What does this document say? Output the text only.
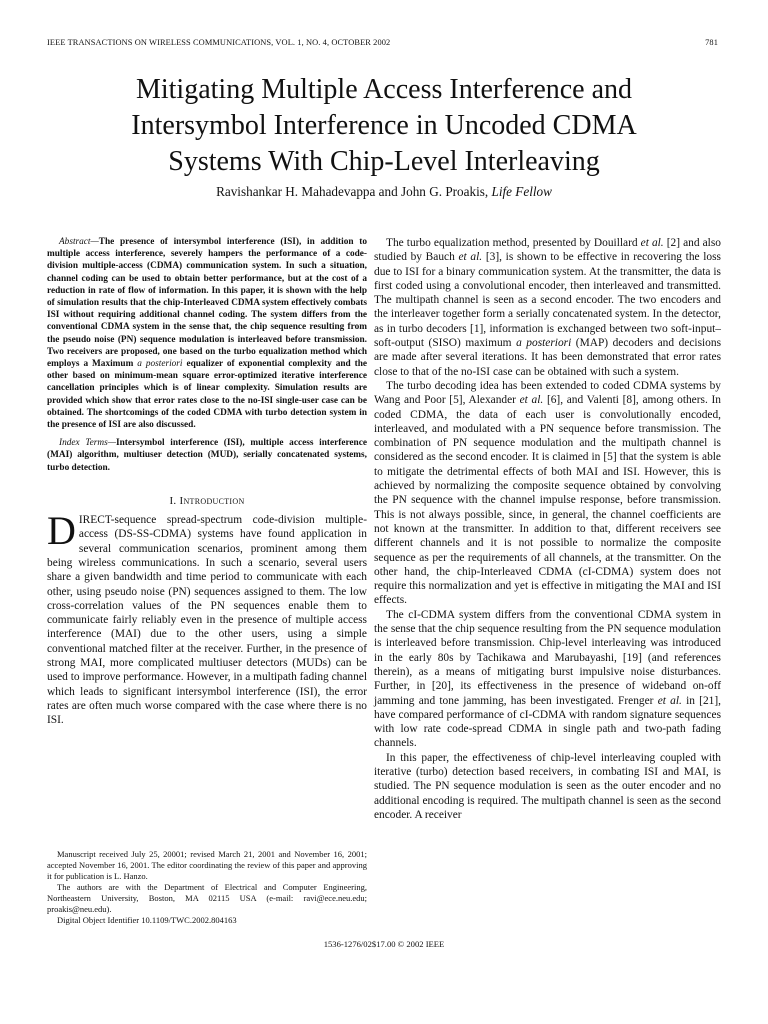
IEEE TRANSACTIONS ON WIRELESS COMMUNICATIONS, VOL. 1, NO. 4, OCTOBER 2002	781
Mitigating Multiple Access Interference and
Intersymbol Interference in Uncoded CDMA
Systems With Chip-Level Interleaving
Ravishankar H. Mahadevappa and John G. Proakis, Life Fellow

Abstract—The presence of intersymbol interference (ISI), in addition to multiple access interference, severely hampers the performance of a code-division multiple-access (CDMA) communication system. In such a situation, channel coding can be used to obtain better performance, but at the cost of a reduction in rate of flow of information. In this paper, it is shown with the help of simulation results that the chip-Interleaved CDMA system effectively combats ISI without requiring additional channel coding. The system differs from the conventional CDMA system in the sense that, the chip sequence resulting from the pseudo noise (PN) sequence modulation is interleaved before transmission. Two receivers are proposed, one based on the turbo equalization method which employs a Maximum a posteriori equalizer of exponential complexity and the other based on minimum-mean square error-optimized iterative interference cancellation principles which is of linear complexity. Simulation results are provided which show that error rates close to the no-ISI single-user case can be obtained. The shortcomings of the coded CDMA with turbo detection system in the presence of ISI are also discussed.

Index Terms—Intersymbol interference (ISI), multiple access interference (MAI) algorithm, multiuser detection (MUD), serially concatenated systems, turbo detection.

I. Introduction

DIRECT-sequence spread-spectrum code-division multiple-access (DS-SS-CDMA) systems have found application in several communication scenarios, prominent among them being wireless communications. In such a scenario, several users share a given bandwidth and time period to communicate with each other, using pseudo noise (PN) sequences assigned to them. The low cross-correlation values of the PN sequences enable them to communicate fairly reliably even in the presence of multiple access interference (MAI) due to the other users, using a simple conventional matched filter at the receiver. Further, in the presence of strong MAI, more complicated multiuser detectors (MUDs) can be used to improve performance. However, in a multipath fading channel which leads to significant intersymbol interference (ISI), the error rates are often much worse compared with the case where there is no ISI.

Manuscript received July 25, 20001; revised March 21, 2001 and November 16, 2001; accepted November 16, 2001. The editor coordinating the review of this paper and approving it for publication is L. Hanzo.

The authors are with the Department of Electrical and Computer Engineering, Northeastern University, Boston, MA 02115 USA (e-mail: ravi@ece.neu.edu; proakis@neu.edu).

Digital Object Identifier 10.1109/TWC.2002.804163

The turbo equalization method, presented by Douillard et al. [2] and also studied by Bauch et al. [3], is shown to be effective in recovering the loss due to ISI for a binary communication system. At the transmitter, the data is first coded using a convolutional encoder, then interleaved and transmitted. The multipath channel is seen as a second encoder. The two encoders and the interleaver together form a serially concatenated system. In the detector, as in turbo decoders [1], information is exchanged between two soft-input–soft-output (SISO) maximum a posteriori (MAP) decoders and decisions are made after several iterations. It has been demonstrated that error rates close to that of the no-ISI case can be obtained with such a system.

The turbo decoding idea has been extended to coded CDMA systems by Wang and Poor [5], Alexander et al. [6], and Valenti [8], among others. In coded CDMA, the data of each user is convolutionally encoded, interleaved, and modulated with a PN sequence before transmission. The combination of PN sequence modulation and the multipath channel is considered as the second encoder. It is claimed in [5] that the system is able to mitigate the detrimental effects of both MAI and ISI. However, this is achieved by normalizing the composite sequence obtained by convolving the PN sequence with the channel impulse response, before transmission. This is not always possible, since, in general, the channel coefficients are not known at the transmitter. In addition to that, different receivers see different channels and it is not possible to normalize the composite sequence as per the requirements of all channels, at the transmitter. On the other hand, the chip-Interleaved CDMA (cI-CDMA) system does not require this normalization and yet is effective in mitigating the MAI and ISI effects.

The cI-CDMA system differs from the conventional CDMA system in the sense that the chip sequence resulting from the PN sequence modulation is interleaved before transmission. Chip-level interleaving was introduced in the early 80s by Tachikawa and Marubayashi, [19] (and references therein), as a means of mitigating burst impulsive noise disturbances. Further, in [20], its effectiveness in the presence of wideband on-off jamming and tone jamming, has been investigated. Frenger et al. in [21], have compared performance of cI-CDMA with random signature sequences with low rate code-spread CDMA in single path and two-path fading channels.

In this paper, the effectiveness of chip-level interleaving coupled with iterative (turbo) detection based receivers, in combating ISI and MAI, is studied. The PN sequence modulation is seen as the outer encoder and no additional encoding is required. The multipath channel is seen as the second encoder. A receiver

1536-1276/02$17.00 © 2002 IEEE
